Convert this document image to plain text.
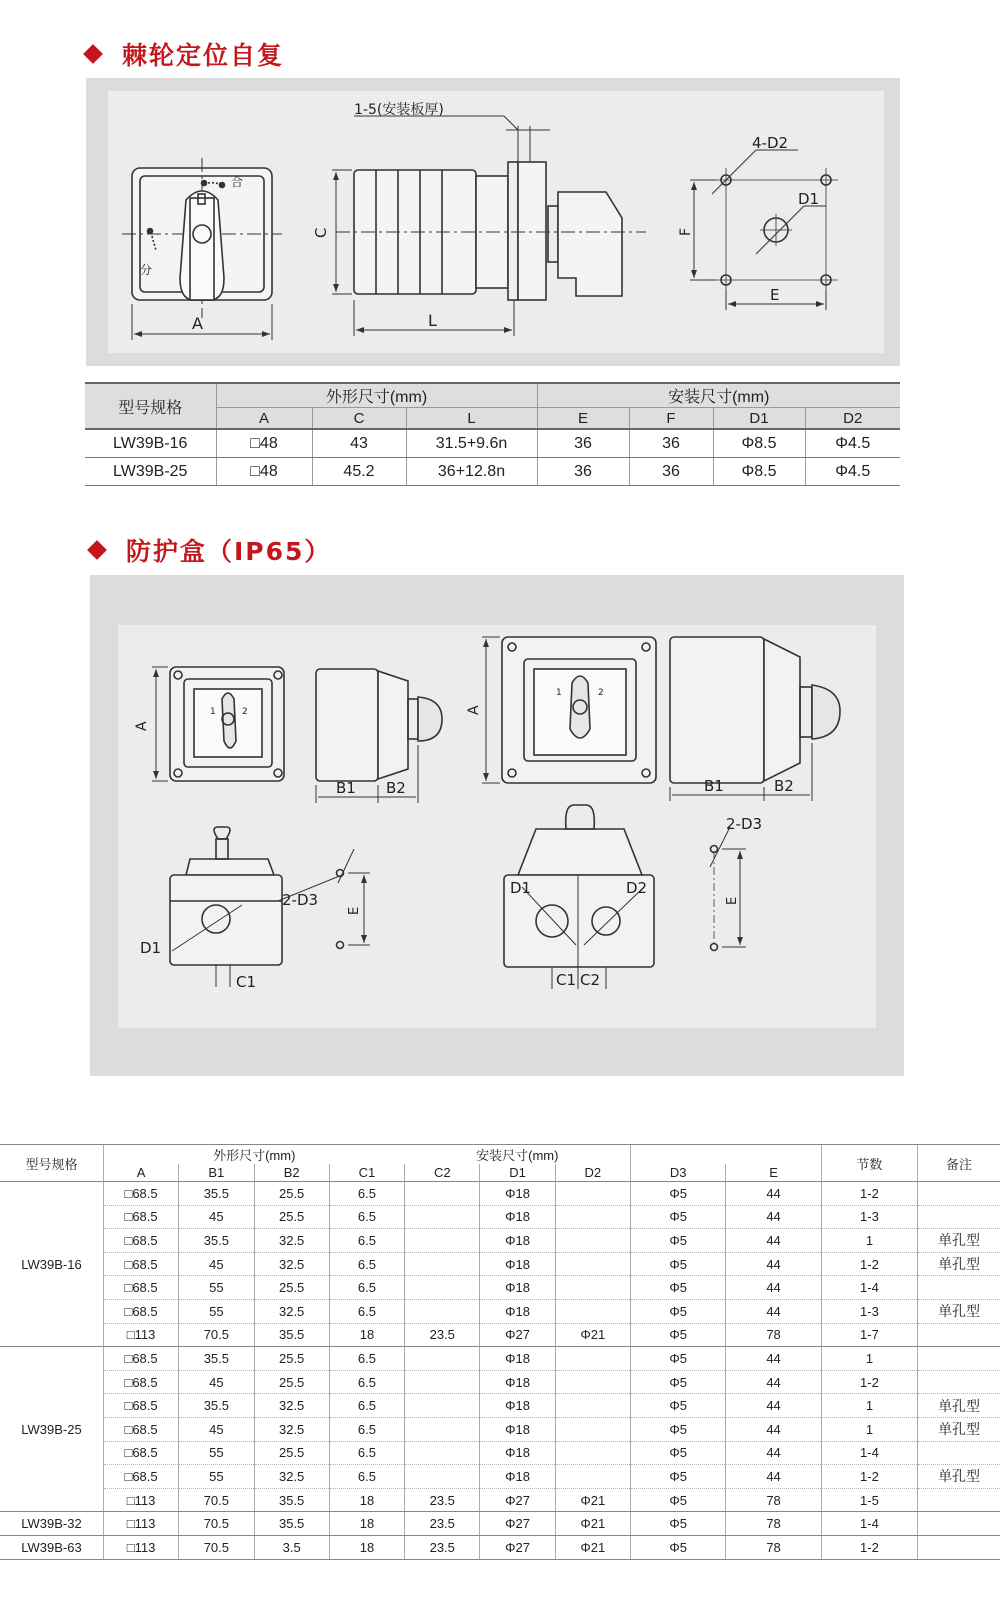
棘轮定位自复
1-5(安装板厚)
合
分
A	L
C
4-D2
D1
F
E
型号规格	外形尺寸(mm)			安装尺寸(mm)			
	A	C	L	E	F	D1	D2
LW39B-16	□48	43	31.5+9.6n	36	36	Φ8.5	Φ4.5
LW39B-25	□48	45.2	36+12.8n	36	36	Φ8.5	Φ4.5
防护盒（IP65）
A
1	2
B1 B2
A
1	2
B1	B2
D1
2-D3
C1
E
D1	D2
C1 C2
2-D3
E
型号规格	外形尺寸(mm)				安装尺寸(mm)					节数	备注
	A	B1	B2	C1	C2	D1	D2	D3	E		
LW39B-16	□68.5	35.5	25.5	6.5		Φ18		Φ5	44	1-2	
	□68.5	45	25.5	6.5		Φ18		Φ5	44	1-3	
	□68.5	35.5	32.5	6.5		Φ18		Φ5	44	1	单孔型
	□68.5	45	32.5	6.5		Φ18		Φ5	44	1-2	单孔型
	□68.5	55	25.5	6.5		Φ18		Φ5	44	1-4	
	□68.5	55	32.5	6.5		Φ18		Φ5	44	1-3	单孔型
	□113	70.5	35.5	18	23.5	Φ27	Φ21	Φ5	78	1-7	
LW39B-25	□68.5	35.5	25.5	6.5		Φ18		Φ5	44	1	
	□68.5	45	25.5	6.5		Φ18		Φ5	44	1-2	
	□68.5	35.5	32.5	6.5		Φ18		Φ5	44	1	单孔型
	□68.5	45	32.5	6.5		Φ18		Φ5	44	1	单孔型
	□68.5	55	25.5	6.5		Φ18		Φ5	44	1-4	
	□68.5	55	32.5	6.5		Φ18		Φ5	44	1-2	单孔型
	□113	70.5	35.5	18	23.5	Φ27	Φ21	Φ5	78	1-5	
LW39B-32	□113	70.5	35.5	18	23.5	Φ27	Φ21	Φ5	78	1-4	
LW39B-63	□113	70.5	3.5	18	23.5	Φ27	Φ21	Φ5	78	1-2	
